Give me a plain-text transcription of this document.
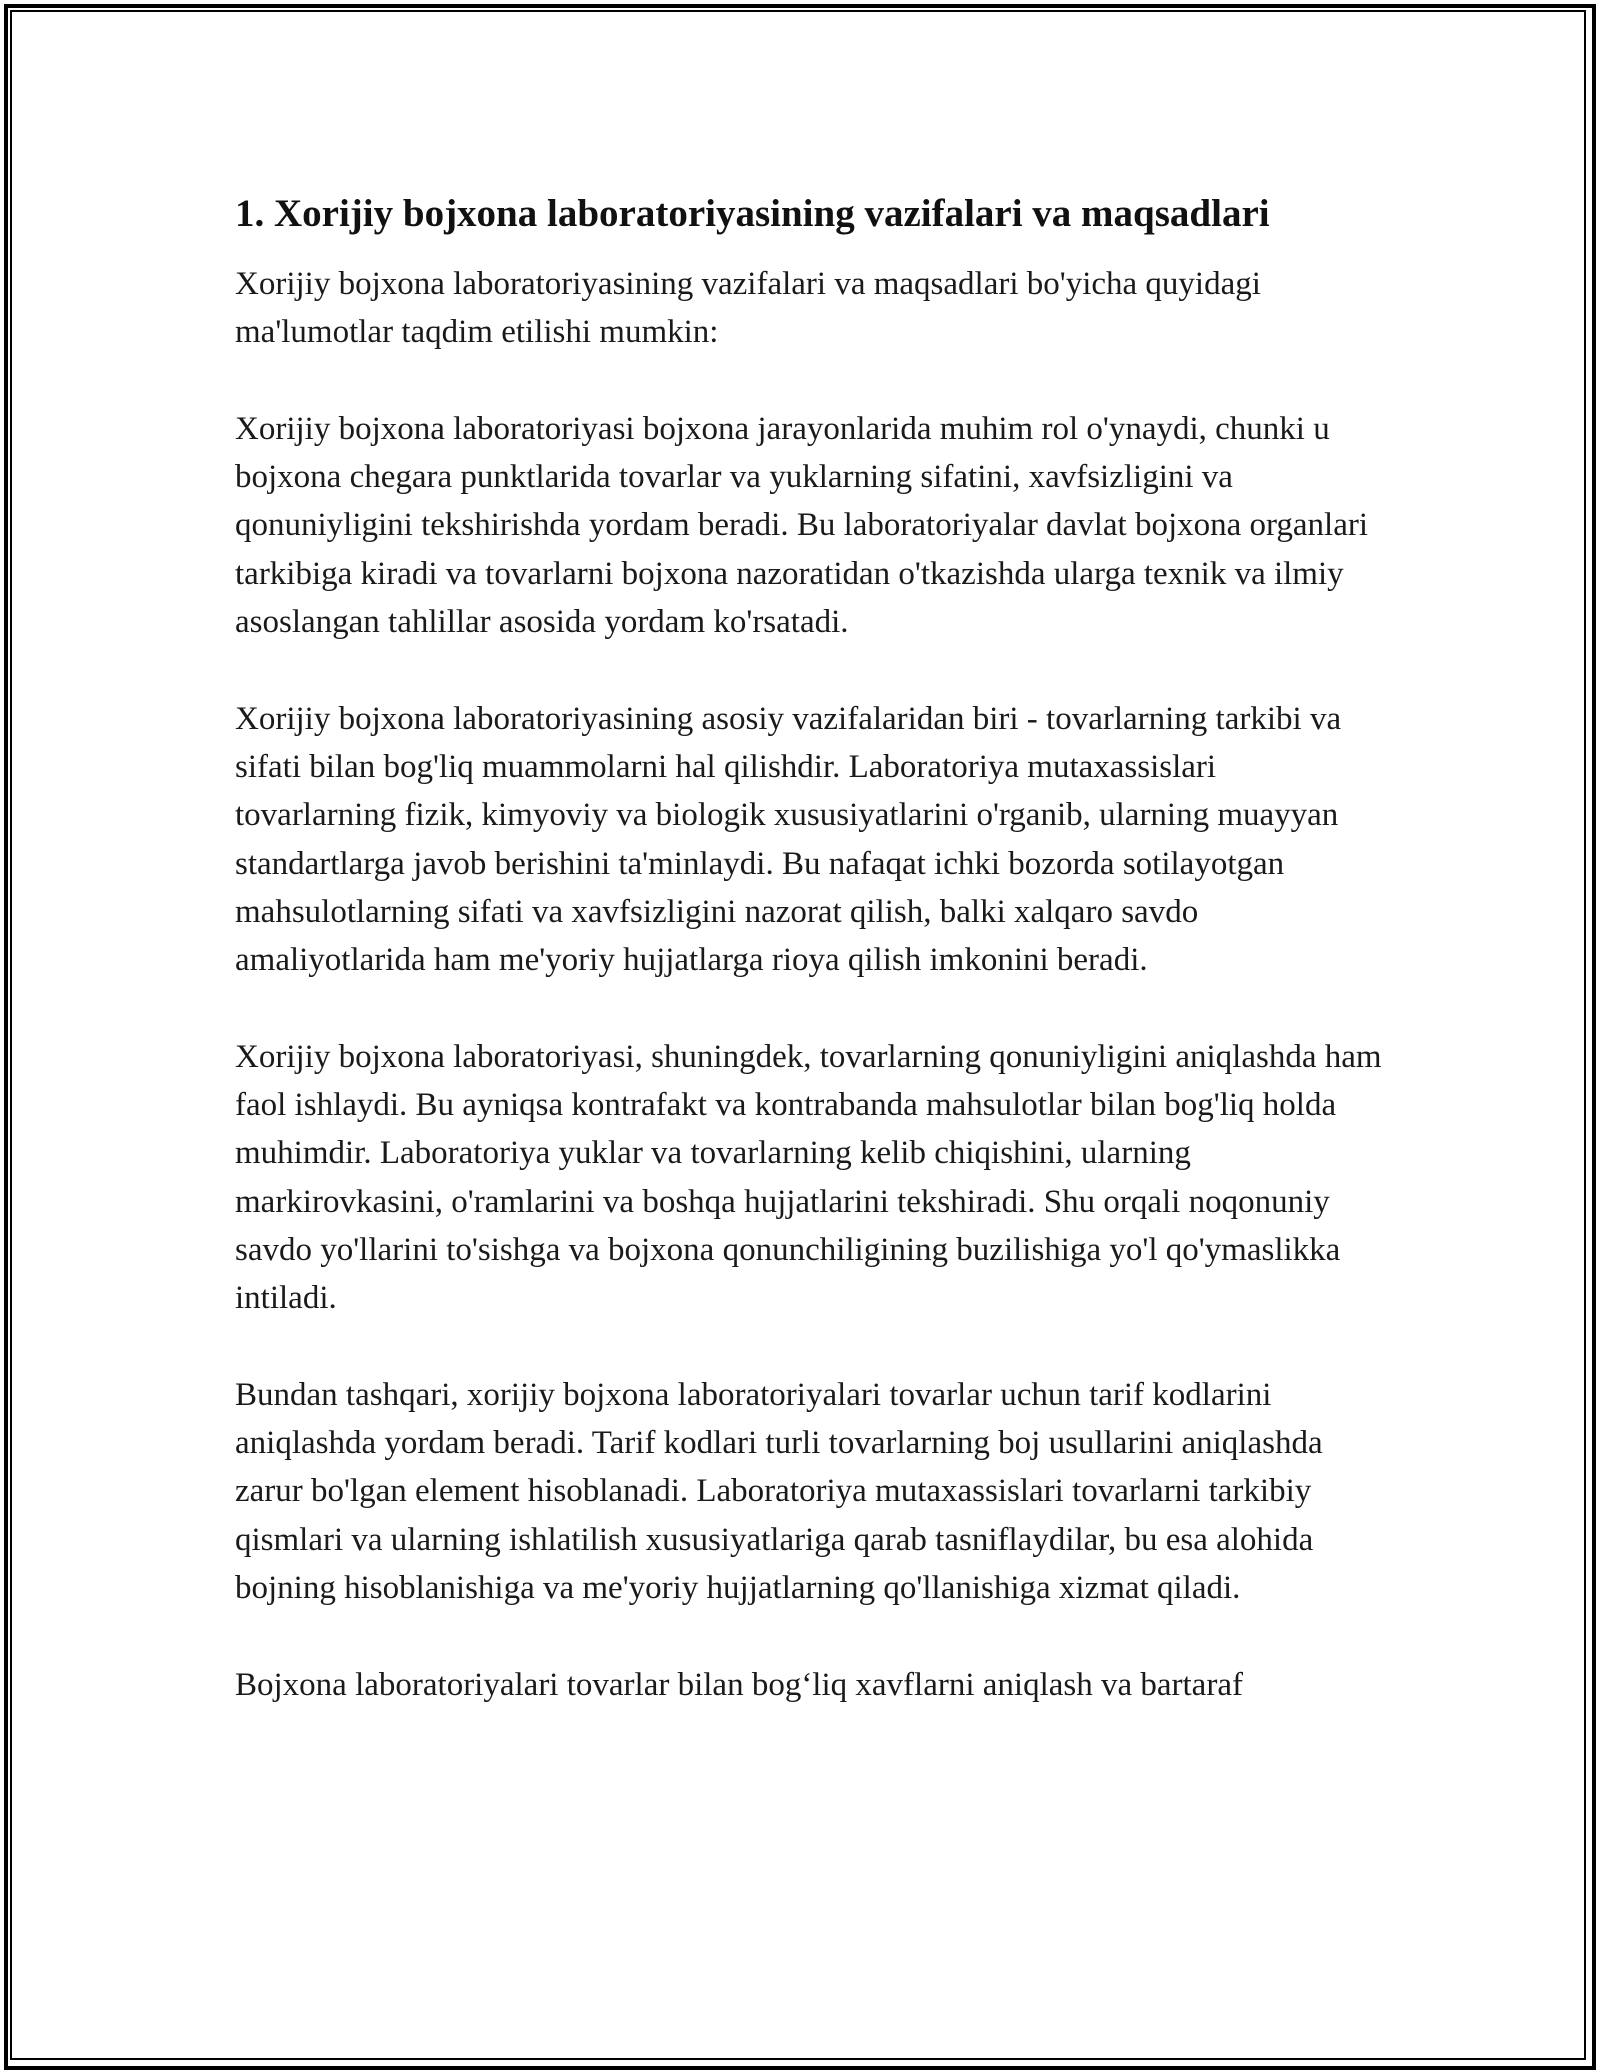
1. Xorijiy bojxona laboratoriyasining vazifalari va maqsadlari

Xorijiy bojxona laboratoriyasining vazifalari va maqsadlari bo'yicha quyidagi ma'lumotlar taqdim etilishi mumkin:

Xorijiy bojxona laboratoriyasi bojxona jarayonlarida muhim rol o'ynaydi, chunki u bojxona chegara punktlarida tovarlar va yuklarning sifatini, xavfsizligini va qonuniyligini tekshirishda yordam beradi. Bu laboratoriyalar davlat bojxona organlari tarkibiga kiradi va tovarlarni bojxona nazoratidan o'tkazishda ularga texnik va ilmiy asoslangan tahlillar asosida yordam ko'rsatadi.

Xorijiy bojxona laboratoriyasining asosiy vazifalaridan biri - tovarlarning tarkibi va sifati bilan bog'liq muammolarni hal qilishdir. Laboratoriya mutaxassislari tovarlarning fizik, kimyoviy va biologik xususiyatlarini o'rganib, ularning muayyan standartlarga javob berishini ta'minlaydi. Bu nafaqat ichki bozorda sotilayotgan mahsulotlarning sifati va xavfsizligini nazorat qilish, balki xalqaro savdo amaliyotlarida ham me'yoriy hujjatlarga rioya qilish imkonini beradi.

Xorijiy bojxona laboratoriyasi, shuningdek, tovarlarning qonuniyligini aniqlashda ham faol ishlaydi. Bu ayniqsa kontrafakt va kontrabanda mahsulotlar bilan bog'liq holda muhimdir. Laboratoriya yuklar va tovarlarning kelib chiqishini, ularning markirovkasini, o'ramlarini va boshqa hujjatlarini tekshiradi. Shu orqali noqonuniy savdo yo'llarini to'sishga va bojxona qonunchiligining buzilishiga yo'l qo'ymaslikka intiladi.

Bundan tashqari, xorijiy bojxona laboratoriyalari tovarlar uchun tarif kodlarini aniqlashda yordam beradi. Tarif kodlari turli tovarlarning boj usullarini aniqlashda zarur bo'lgan element hisoblanadi. Laboratoriya mutaxassislari tovarlarni tarkibiy qismlari va ularning ishlatilish xususiyatlariga qarab tasniflaydilar, bu esa alohida bojning hisoblanishiga va me'yoriy hujjatlarning qo'llanishiga xizmat qiladi.

Bojxona laboratoriyalari tovarlar bilan bog‘liq xavflarni aniqlash va bartaraf
